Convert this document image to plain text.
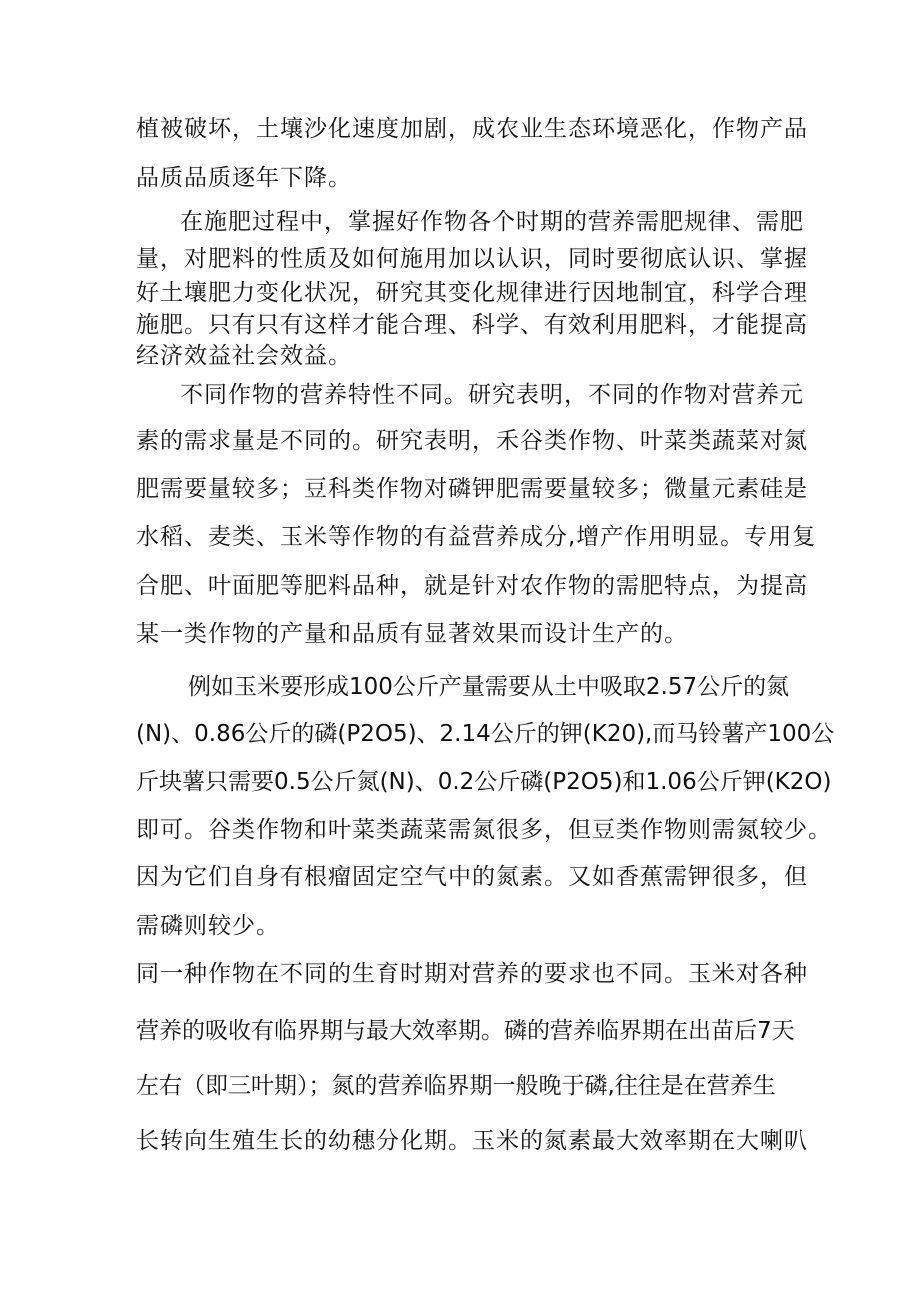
植被破坏，土壤沙化速度加剧，成农业生态环境恶化，作物产品

品质品质逐年下降。

在施肥过程中，掌握好作物各个时期的营养需肥规律、需肥

量，对肥料的性质及如何施用加以认识，同时要彻底认识、掌握

好土壤肥力变化状况，研究其变化规律进行因地制宜，科学合理

施肥。只有只有这样才能合理、科学、有效利用肥料，才能提高

经济效益社会效益。

不同作物的营养特性不同。研究表明，不同的作物对营养元

素的需求量是不同的。研究表明，禾谷类作物、叶菜类蔬菜对氮

肥需要量较多；豆科类作物对磷钾肥需要量较多；微量元素硅是

水稻、麦类、玉米等作物的有益营养成分,增产作用明显。专用复

合肥、叶面肥等肥料品种，就是针对农作物的需肥特点，为提高

某一类作物的产量和品质有显著效果而设计生产的。

例如玉米要形成100公斤产量需要从土中吸取2.57公斤的氮

(N)、0.86公斤的磷(P2O5)、2.14公斤的钾(K20),而马铃薯产100公

斤块薯只需要0.5公斤氮(N)、0.2公斤磷(P2O5)和1.06公斤钾(K2O)

即可。谷类作物和叶菜类蔬菜需氮很多，但豆类作物则需氮较少。

因为它们自身有根瘤固定空气中的氮素。又如香蕉需钾很多，但

需磷则较少。

同一种作物在不同的生育时期对营养的要求也不同。玉米对各种

营养的吸收有临界期与最大效率期。磷的营养临界期在出苗后7天

左右（即三叶期）；氮的营养临界期一般晚于磷,往往是在营养生

长转向生殖生长的幼穗分化期。玉米的氮素最大效率期在大喇叭
